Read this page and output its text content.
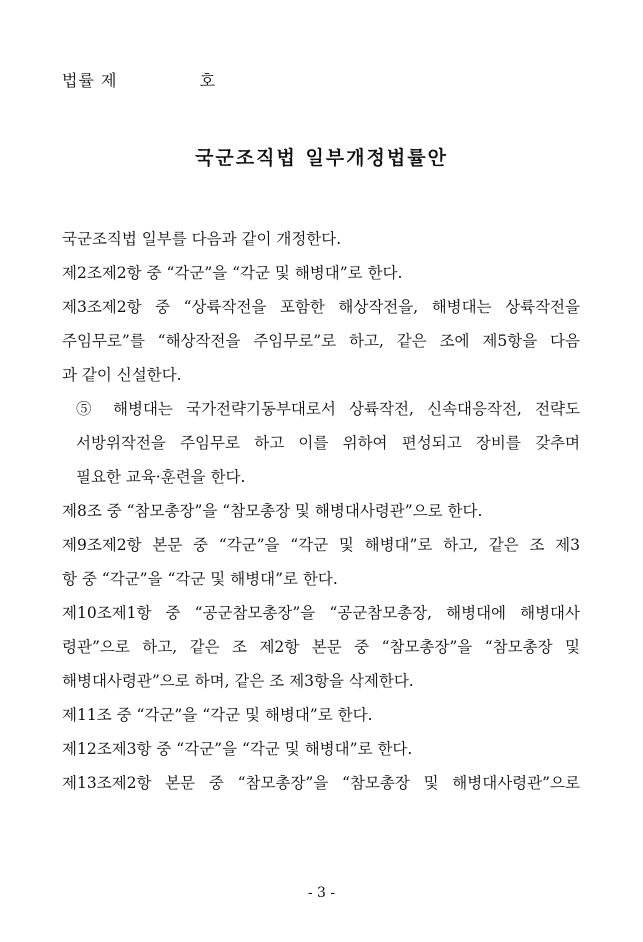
법률 제	호
국군조직법 일부개정법률안
국군조직법 일부를 다음과 같이 개정한다.
제2조제2항 중 “각군”을 “각군 및 해병대”로 한다.
제3조제2항 중 “상륙작전을 포함한 해상작전을, 해병대는 상륙작전을
주임무로”를 “해상작전을 주임무로”로 하고, 같은 조에 제5항을 다음
과 같이 신설한다.
⑤ 해병대는 국가전략기동부대로서 상륙작전, 신속대응작전, 전략도
서방위작전을 주임무로 하고 이를 위하여 편성되고 장비를 갖추며
필요한 교육·훈련을 한다.
제8조 중 “참모총장”을 “참모총장 및 해병대사령관”으로 한다.
제9조제2항 본문 중 “각군”을 “각군 및 해병대”로 하고, 같은 조 제3
항 중 “각군”을 “각군 및 해병대”로 한다.
제10조제1항 중 “공군참모총장”을 “공군참모총장, 해병대에 해병대사
령관”으로 하고, 같은 조 제2항 본문 중 “참모총장”을 “참모총장 및
해병대사령관”으로 하며, 같은 조 제3항을 삭제한다.
제11조 중 “각군”을 “각군 및 해병대”로 한다.
제12조제3항 중 “각군”을 “각군 및 해병대”로 한다.
제13조제2항 본문 중 “참모총장”을 “참모총장 및 해병대사령관”으로
- 3 -
